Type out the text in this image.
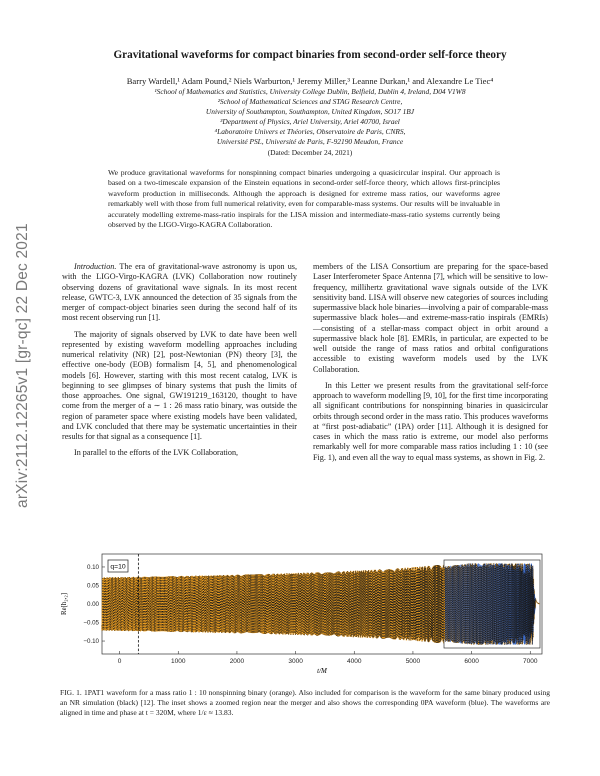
arXiv:2112.12265v1 [gr-qc] 22 Dec 2021
Gravitational waveforms for compact binaries from second-order self-force theory
Barry Wardell,¹ Adam Pound,² Niels Warburton,¹ Jeremy Miller,³ Leanne Durkan,¹ and Alexandre Le Tiec⁴
¹School of Mathematics and Statistics, University College Dublin, Belfield, Dublin 4, Ireland, D04 V1W8
²School of Mathematical Sciences and STAG Research Centre,
University of Southampton, Southampton, United Kingdom, SO17 1BJ
³Department of Physics, Ariel University, Ariel 40700, Israel
⁴Laboratoire Univers et Théories, Observatoire de Paris, CNRS,
Université PSL, Université de Paris, F-92190 Meudon, France
(Dated: December 24, 2021)
We produce gravitational waveforms for nonspinning compact binaries undergoing a quasicircular inspiral. Our approach is based on a two-timescale expansion of the Einstein equations in second-order self-force theory, which allows first-principles waveform production in milliseconds. Although the approach is designed for extreme mass ratios, our waveforms agree remarkably well with those from full numerical relativity, even for comparable-mass systems. Our results will be invaluable in accurately modelling extreme-mass-ratio inspirals for the LISA mission and intermediate-mass-ratio systems currently being observed by the LIGO-Virgo-KAGRA Collaboration.

Introduction. The era of gravitational-wave astronomy is upon us, with the LIGO-Virgo-KAGRA (LVK) Collaboration now routinely observing dozens of gravitational wave signals. In its most recent release, GWTC-3, LVK announced the detection of 35 signals from the merger of compact-object binaries seen during the second half of its most recent observing run [1].

The majority of signals observed by LVK to date have been well represented by existing waveform modelling approaches including numerical relativity (NR) [2], post-Newtonian (PN) theory [3], the effective one-body (EOB) formalism [4, 5], and phenomenological models [6]. However, starting with this most recent catalog, LVK is beginning to see glimpses of binary systems that push the limits of those approaches. One signal, GW191219_163120, thought to have come from the merger of a ∼ 1 : 26 mass ratio binary, was outside the region of parameter space where existing models have been validated, and LVK concluded that there may be systematic uncertainties in their results for that signal as a consequence [1].

In parallel to the efforts of the LVK Collaboration,

members of the LISA Consortium are preparing for the space-based Laser Interferometer Space Antenna [7], which will be sensitive to low-frequency, millihertz gravitational wave signals outside of the LVK sensitivity band. LISA will observe new categories of sources including supermassive black hole binaries—involving a pair of comparable-mass supermassive black holes—and extreme-mass-ratio inspirals (EMRIs)—consisting of a stellar-mass compact object in orbit around a supermassive black hole [8]. EMRIs, in particular, are expected to be well outside the range of mass ratios and orbital configurations accessible to existing waveform models used by the LVK Collaboration.

In this Letter we present results from the gravitational self-force approach to waveform modelling [9, 10], for the first time incorporating all significant contributions for nonspinning binaries in quasicircular orbits through second order in the mass ratio. This produces waveforms at “first post-adiabatic” (1PA) order [11]. Although it is designed for cases in which the mass ratio is extreme, our model also performs remarkably well for more comparable mass ratios including 1 : 10 (see Fig. 1), and even all the way to equal mass systems, as shown in Fig. 2.

0	1000	2000	3000	4000	5000	6000	7000
−0.10
−0.05
0.00
0.05
0.10
t/M
Re[h₂,₂]
q=10
FIG. 1. 1PAT1 waveform for a mass ratio 1 : 10 nonspinning binary (orange). Also included for comparison is the waveform for the same binary produced using an NR simulation (black) [12]. The inset shows a zoomed region near the merger and also shows the corresponding 0PA waveform (blue). The waveforms are aligned in time and phase at t = 320M, where 1/ε ≈ 13.83.
